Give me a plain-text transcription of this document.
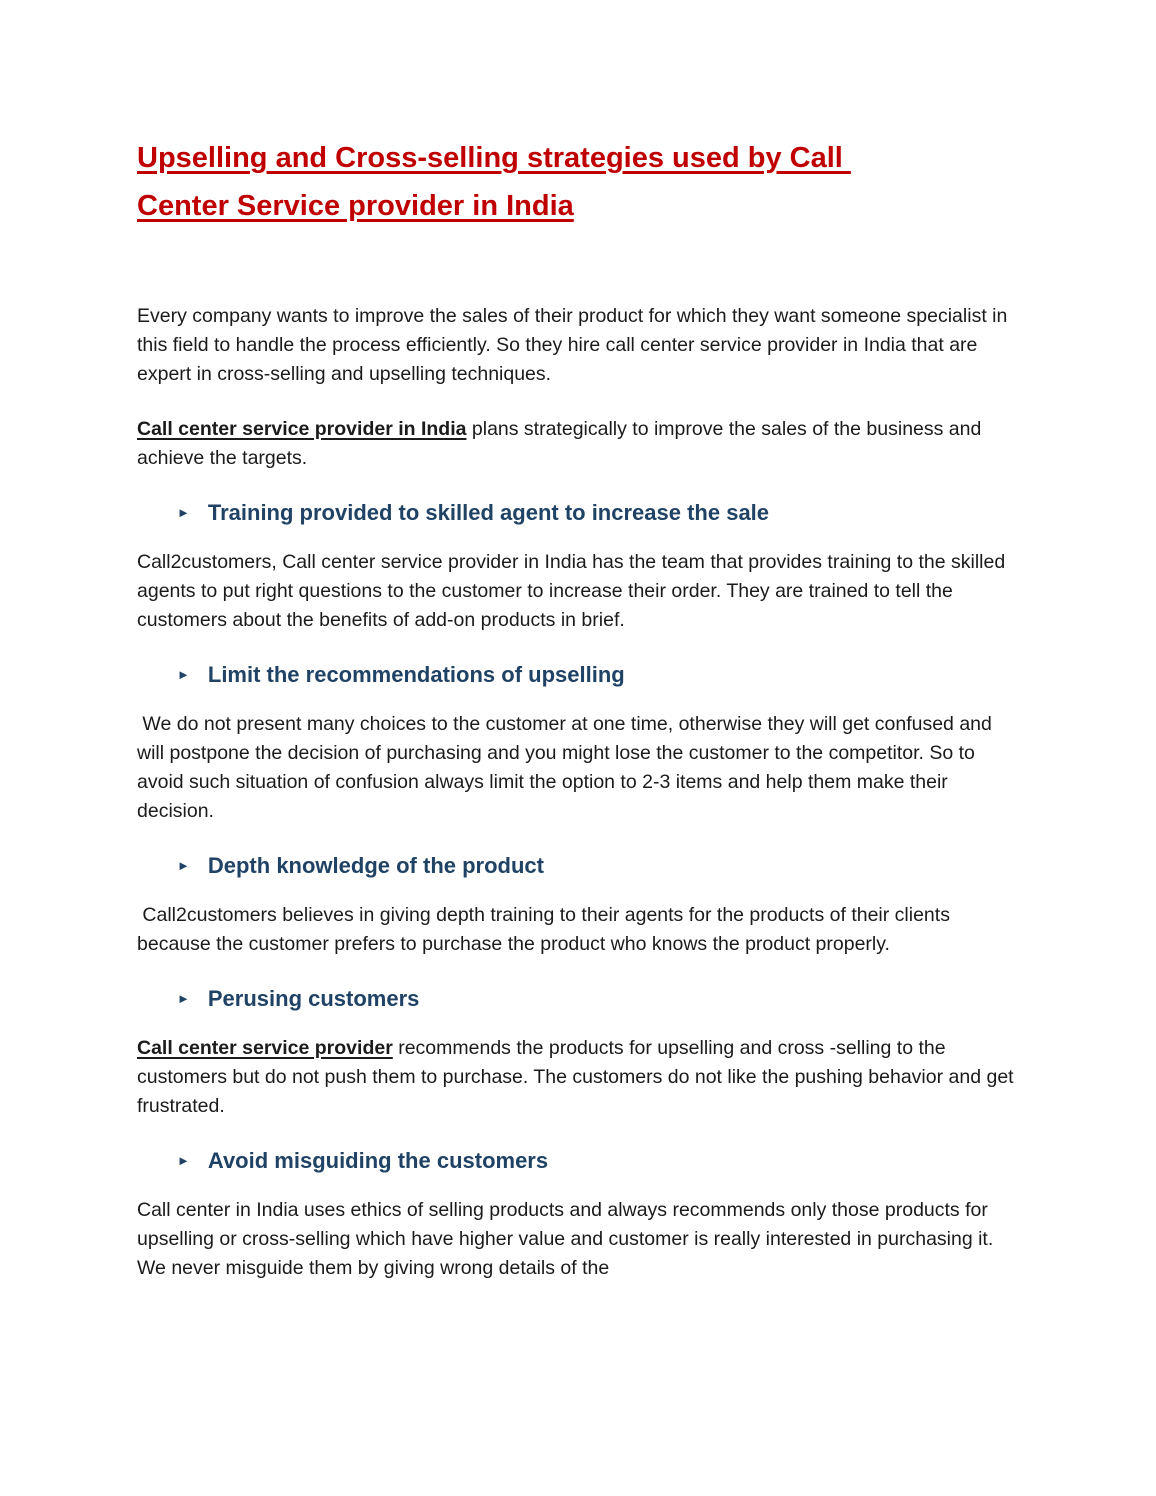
Upselling and Cross-selling strategies used by Call
Center Service provider in India

Every company wants to improve the sales of their product for which they want someone specialist in this field to handle the process efficiently. So they hire call center service provider in India that are expert in cross-selling and upselling techniques.

Call center service provider in India plans strategically to improve the sales of the business and achieve the targets.

► Training provided to skilled agent to increase the sale

Call2customers, Call center service provider in India has the team that provides training to the skilled agents to put right questions to the customer to increase their order. They are trained to tell the customers about the benefits of add-on products in brief.

► Limit the recommendations of upselling

We do not present many choices to the customer at one time, otherwise they will get confused and will postpone the decision of purchasing and you might lose the customer to the competitor. So to avoid such situation of confusion always limit the option to 2-3 items and help them make their decision.

► Depth knowledge of the product

Call2customers believes in giving depth training to their agents for the products of their clients because the customer prefers to purchase the product who knows the product properly.

► Perusing customers

Call center service provider recommends the products for upselling and cross -selling to the customers but do not push them to purchase. The customers do not like the pushing behavior and get frustrated.

► Avoid misguiding the customers

Call center in India uses ethics of selling products and always recommends only those products for upselling or cross-selling which have higher value and customer is really interested in purchasing it.  We never misguide them by giving wrong details of the
